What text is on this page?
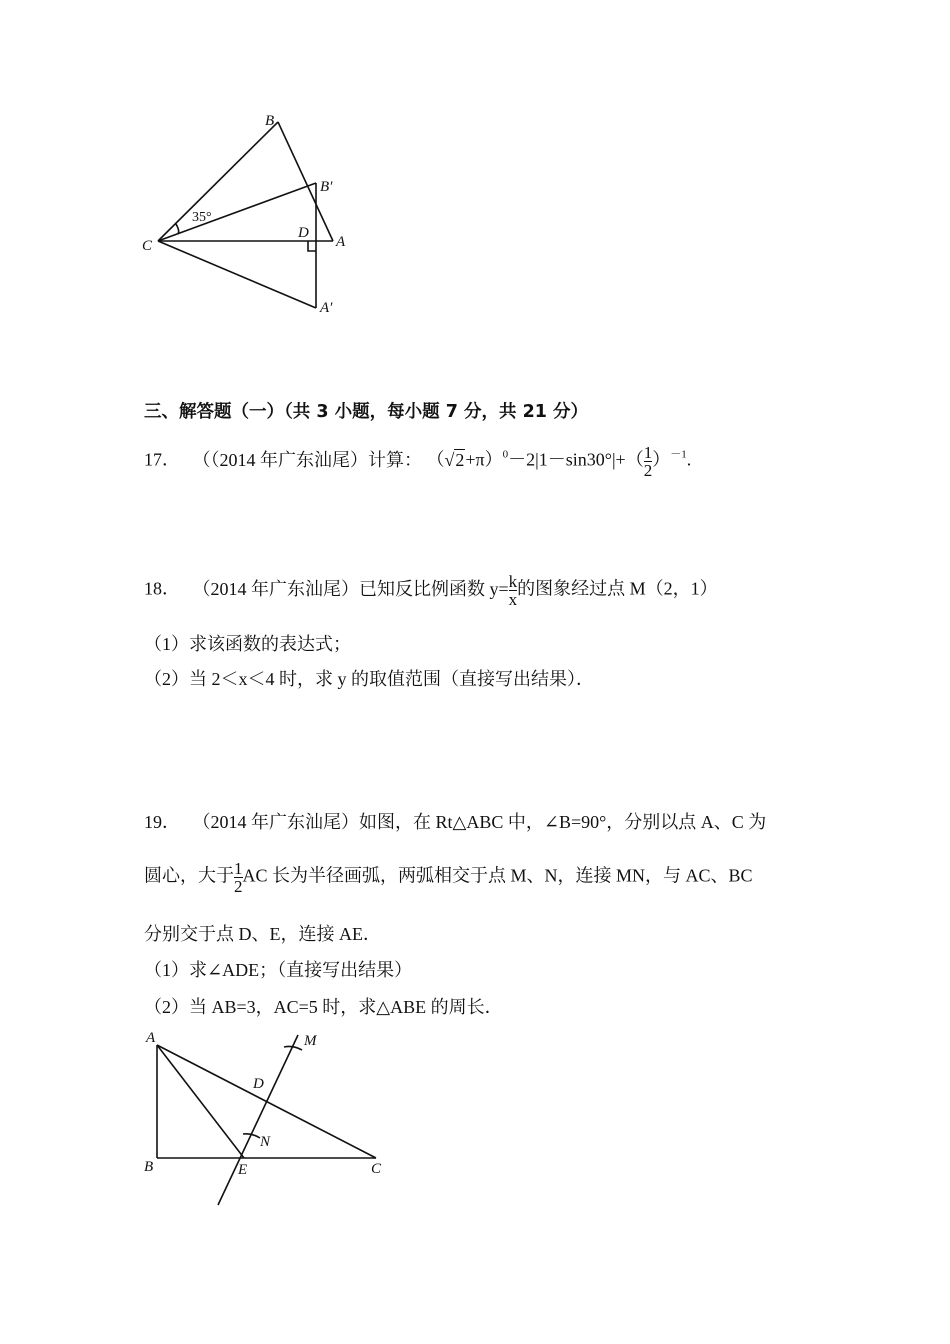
B
B′
35°
C
D
A
A′
三、解答题（一）（共 3 小题，每小题 7 分，共 21 分）
17． （（2014 年广东汕尾）计算： $(√2+\pi)^0-2|1-\sin 30^\circ|+( \frac{1}{2} )^{-1}$.
18． （2014 年广东汕尾）已知反比例函数 $y= \frac{k}{x}$ 的图象经过点 M（2，1）
（1）求该函数的表达式；
（2）当 2＜x＜4 时，求 y 的取值范围（直接写出结果）．
19． （2014 年广东汕尾）如图，在 Rt△ABC 中，∠B=90°，分别以点 A、C 为
圆心，大于 $\frac{1}{2}$ AC 长为半径画弧，两弧相交于点 M、N，连接 MN，与 AC、BC
分别交于点 D、E，连接 AE．
（1）求∠ADE；（直接写出结果）
（2）当 AB=3，AC=5 时，求△ABE 的周长．
A	M
D
N
B	E	C
